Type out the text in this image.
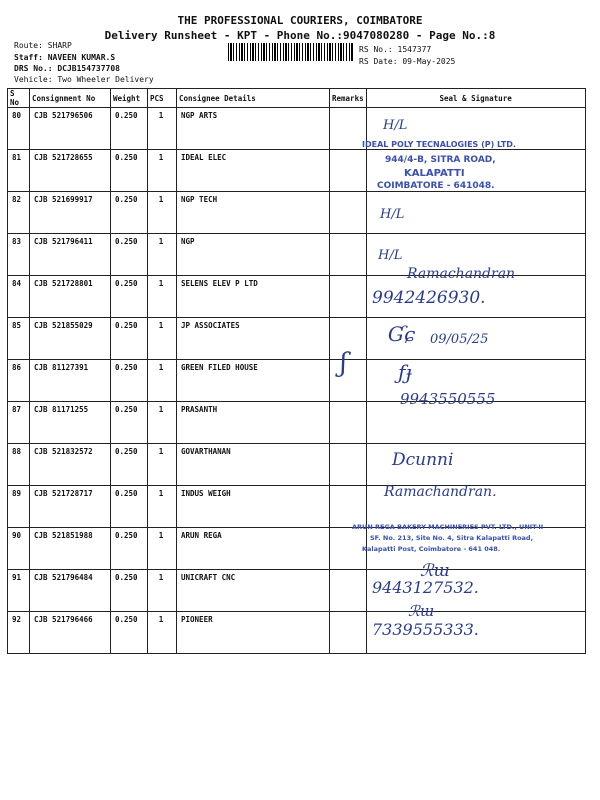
THE PROFESSIONAL COURIERS, COIMBATORE
Delivery Runsheet - KPT - Phone No.:9047080280 - Page No.:8
Route: SHARP
Staff: NAVEEN KUMAR.S
DRS No.: DCJB154737708
Vehicle: Two Wheeler Delivery
RS No.: 1547377
RS Date: 09-May-2025
S No	Consignment No	Weight	PCS	Consignee Details	Remarks	Seal & Signature
80	CJB 521796506	0.250	1	NGP ARTS		
81	CJB 521728655	0.250	1	IDEAL ELEC		
82	CJB 521699917	0.250	1	NGP TECH		
83	CJB 521796411	0.250	1	NGP		
84	CJB 521728801	0.250	1	SELENS ELEV P LTD		
85	CJB 521855029	0.250	1	JP ASSOCIATES		
86	CJB 81127391	0.250	1	GREEN FILED HOUSE		
87	CJB 81171255	0.250	1	PRASANTH		
88	CJB 521832572	0.250	1	GOVARTHANAN		
89	CJB 521728717	0.250	1	INDUS WEIGH		
90	CJB 521851988	0.250	1	ARUN REGA		
91	CJB 521796484	0.250	1	UNICRAFT CNC		
92	CJB 521796466	0.250	1	PIONEER		
IDEAL POLY TECNALOGIES (P) LTD.
944/4-B, SITRA ROAD,
KALAPATTI
COIMBATORE - 641048.
ARUN REGA BAKERY MACHINERIES PVT. LTD., UNIT-II
SF. No. 213, Site No. 4, Sitra Kalapatti Road,
Kalapatti Post, Coimbatore - 641 048.
H/L
H/L
H/L
Ramachandran
9942426930.
Ɠɕ 09/05/25
ʃ	ƒɟ
9943550555
Dcunni
Ramachandran.
ℛɯ
9443127532.
ℛɯ
7339555333.
